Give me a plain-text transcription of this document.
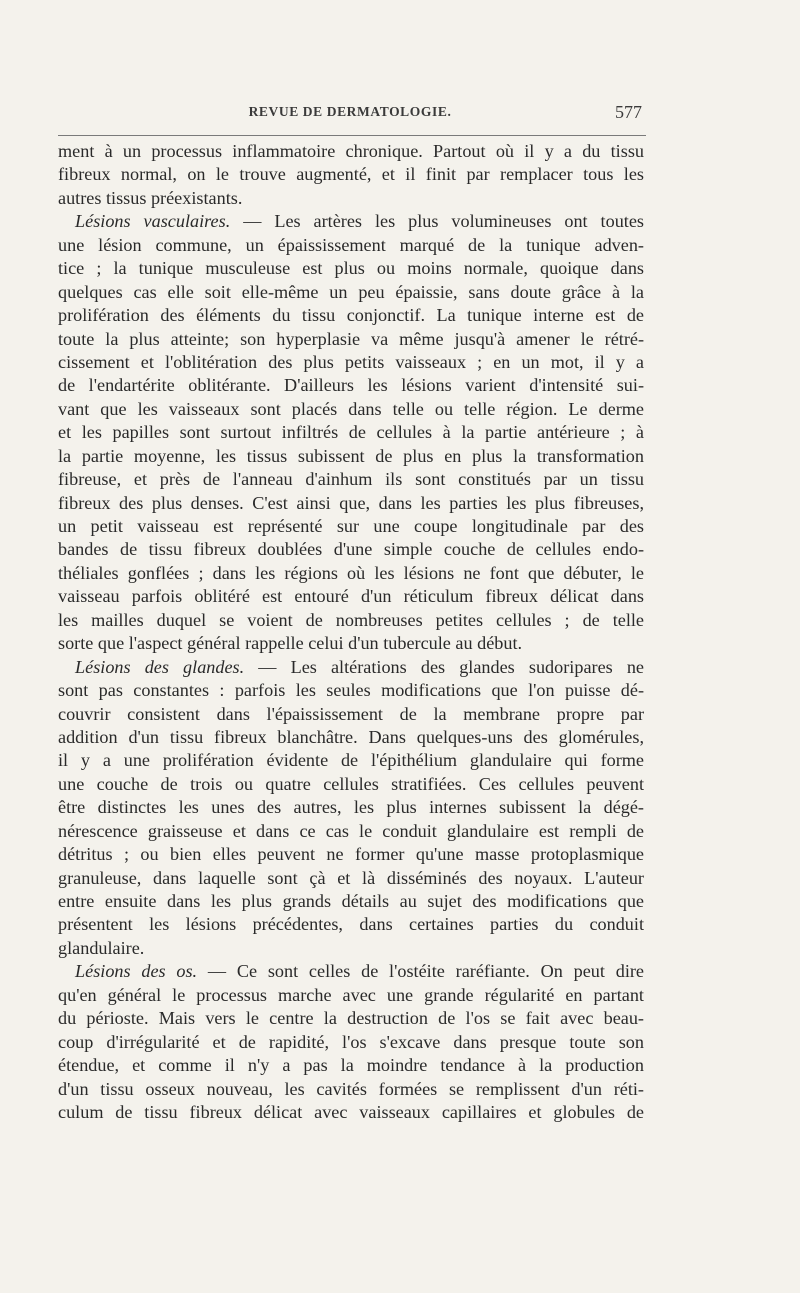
REVUE DE DERMATOLOGIE.	577
ment à un processus inflammatoire chronique. Partout où il y a du tissu
fibreux normal, on le trouve augmenté, et il finit par remplacer tous les
autres tissus préexistants.
Lésions vasculaires. — Les artères les plus volumineuses ont toutes
une lésion commune, un épaississement marqué de la tunique adven-
tice ; la tunique musculeuse est plus ou moins normale, quoique dans
quelques cas elle soit elle-même un peu épaissie, sans doute grâce à la
prolifération des éléments du tissu conjonctif. La tunique interne est de
toute la plus atteinte; son hyperplasie va même jusqu'à amener le rétré-
cissement et l'oblitération des plus petits vaisseaux ; en un mot, il y a
de l'endartérite oblitérante. D'ailleurs les lésions varient d'intensité sui-
vant que les vaisseaux sont placés dans telle ou telle région. Le derme
et les papilles sont surtout infiltrés de cellules à la partie antérieure ; à
la partie moyenne, les tissus subissent de plus en plus la transformation
fibreuse, et près de l'anneau d'ainhum ils sont constitués par un tissu
fibreux des plus denses. C'est ainsi que, dans les parties les plus fibreuses,
un petit vaisseau est représenté sur une coupe longitudinale par des
bandes de tissu fibreux doublées d'une simple couche de cellules endo-
théliales gonflées ; dans les régions où les lésions ne font que débuter, le
vaisseau parfois oblitéré est entouré d'un réticulum fibreux délicat dans
les mailles duquel se voient de nombreuses petites cellules ; de telle
sorte que l'aspect général rappelle celui d'un tubercule au début.
Lésions des glandes. — Les altérations des glandes sudoripares ne
sont pas constantes : parfois les seules modifications que l'on puisse dé-
couvrir consistent dans l'épaississement de la membrane propre par
addition d'un tissu fibreux blanchâtre. Dans quelques-uns des glomérules,
il y a une prolifération évidente de l'épithélium glandulaire qui forme
une couche de trois ou quatre cellules stratifiées. Ces cellules peuvent
être distinctes les unes des autres, les plus internes subissent la dégé-
nérescence graisseuse et dans ce cas le conduit glandulaire est rempli de
détritus ; ou bien elles peuvent ne former qu'une masse protoplasmique
granuleuse, dans laquelle sont çà et là disséminés des noyaux. L'auteur
entre ensuite dans les plus grands détails au sujet des modifications que
présentent les lésions précédentes, dans certaines parties du conduit
glandulaire.
Lésions des os. — Ce sont celles de l'ostéite raréfiante. On peut dire
qu'en général le processus marche avec une grande régularité en partant
du périoste. Mais vers le centre la destruction de l'os se fait avec beau-
coup d'irrégularité et de rapidité, l'os s'excave dans presque toute son
étendue, et comme il n'y a pas la moindre tendance à la production
d'un tissu osseux nouveau, les cavités formées se remplissent d'un réti-
culum de tissu fibreux délicat avec vaisseaux capillaires et globules de
